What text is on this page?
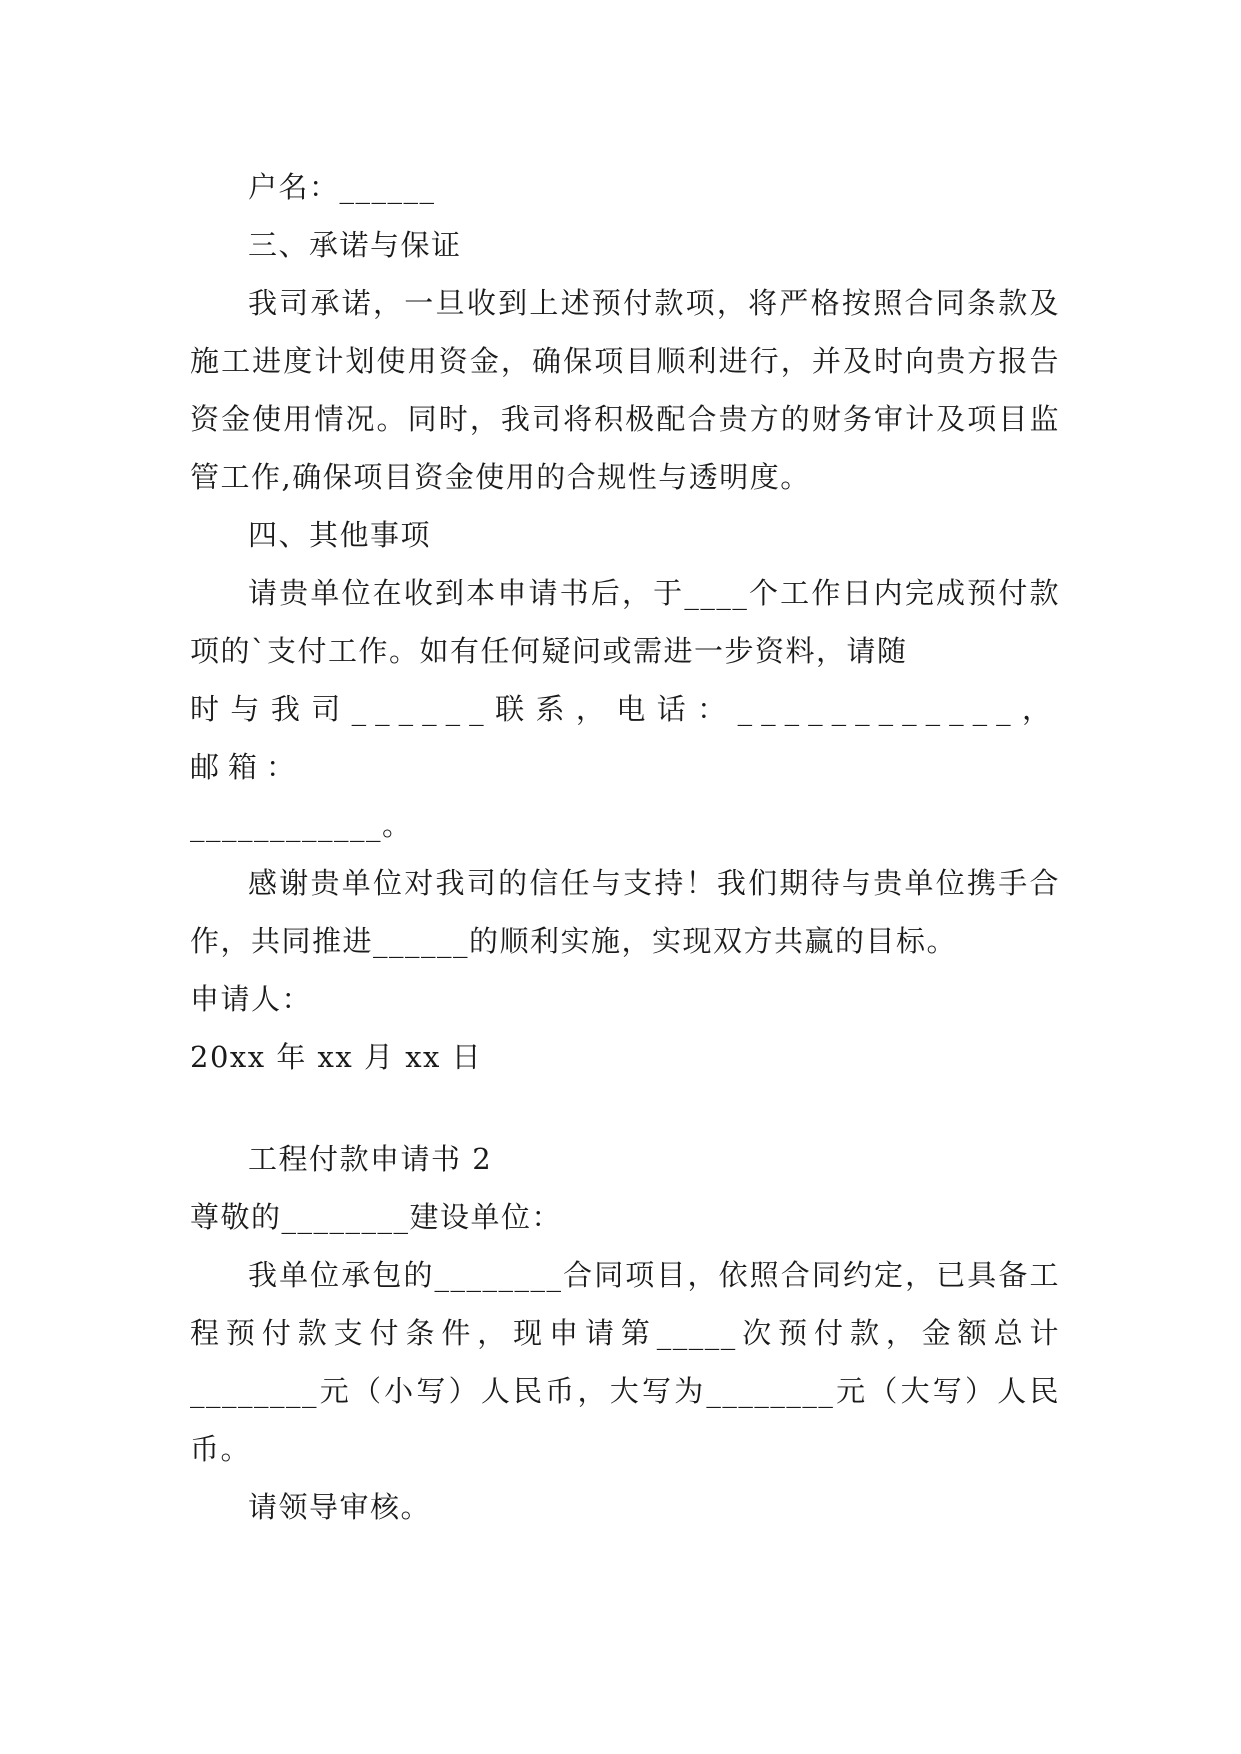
户名：______

三、承诺与保证

我司承诺，一旦收到上述预付款项，将严格按照合同条款及施工进度计划使用资金，确保项目顺利进行，并及时向贵方报告资金使用情况。同时，我司将积极配合贵方的财务审计及项目监管工作,确保项目资金使用的合规性与透明度。

四、其他事项

请贵单位在收到本申请书后，于____个工作日内完成预付款项的`支付工作。如有任何疑问或需进一步资料，请随

时与我司______联系，电话：____________，邮箱：

____________。

感谢贵单位对我司的信任与支持！我们期待与贵单位携手合作，共同推进______的顺利实施，实现双方共赢的目标。

申请人：

20xx 年 xx 月 xx 日

工程付款申请书 2

尊敬的________建设单位：

我单位承包的________合同项目，依照合同约定，已具备工程预付款支付条件，现申请第_____次预付款，金额总计 ________元（小写）人民币，大写为________元（大写）人民币。

请领导审核。
